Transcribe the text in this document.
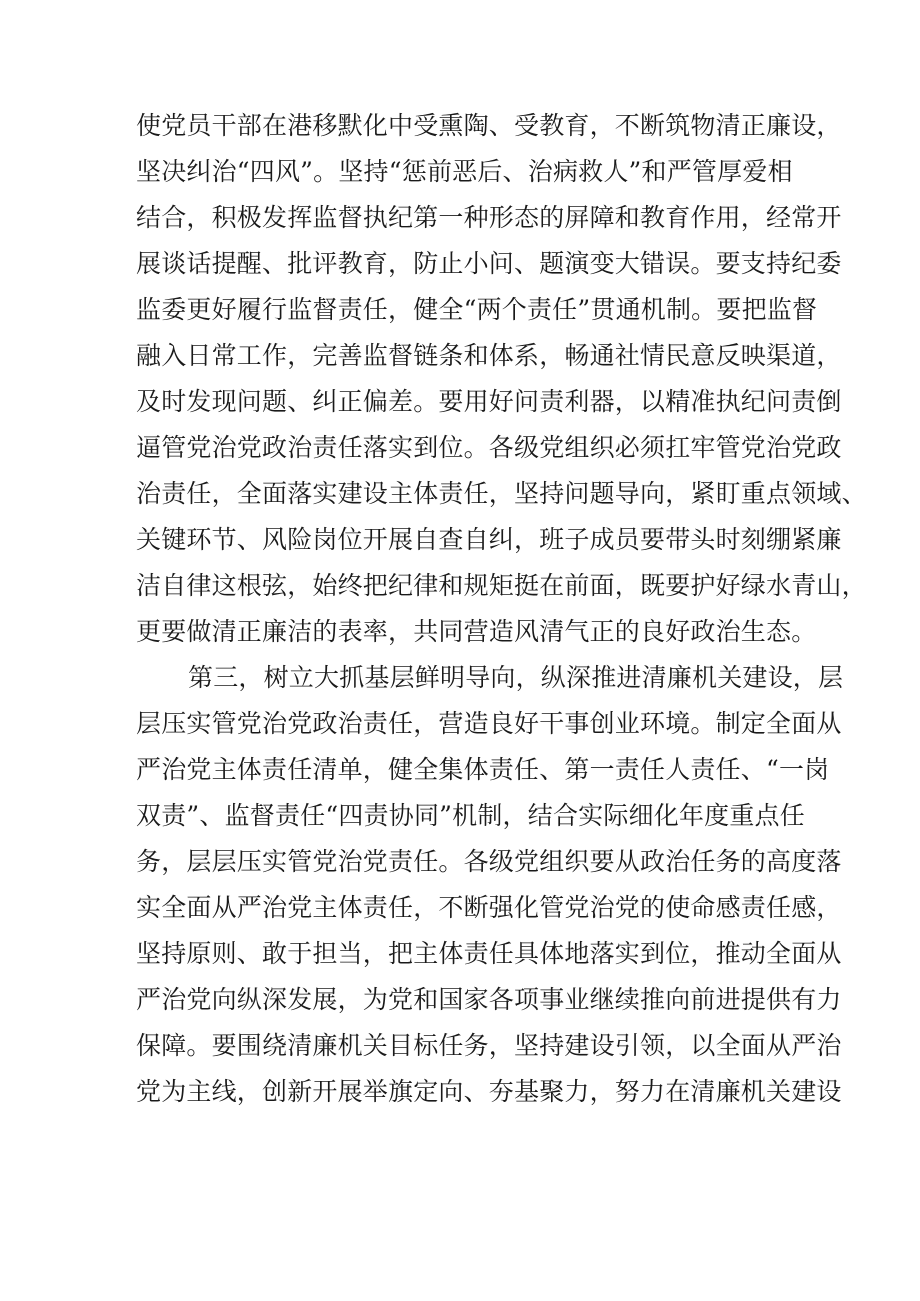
使党员干部在港移默化中受熏陶、受教育，不断筑物清正廉设，
坚决纠治“四风”。坚持“惩前恶后、治病救人”和严管厚爱相
结合，积极发挥监督执纪第一种形态的屏障和教育作用，经常开
展谈话提醒、批评教育，防止小问、题演变大错误。要支持纪委
监委更好履行监督责任，健全“两个责任”贯通机制。要把监督
融入日常工作，完善监督链条和体系，畅通社情民意反映渠道，
及时发现问题、纠正偏差。要用好问责利器，以精准执纪问责倒
逼管党治党政治责任落实到位。各级党组织必须扛牢管党治党政
治责任，全面落实建设主体责任，坚持问题导向，紧盯重点领域、
关键环节、风险岗位开展自查自纠，班子成员要带头时刻绷紧廉
洁自律这根弦，始终把纪律和规矩挺在前面，既要护好绿水青山，
更要做清正廉洁的表率，共同营造风清气正的良好政治生态。
第三，树立大抓基层鲜明导向，纵深推进清廉机关建设，层
层压实管党治党政治责任，营造良好干事创业环境。制定全面从
严治党主体责任清单，健全集体责任、第一责任人责任、“一岗
双责”、监督责任“四责协同”机制，结合实际细化年度重点任
务，层层压实管党治党责任。各级党组织要从政治任务的高度落
实全面从严治党主体责任，不断强化管党治党的使命感责任感，
坚持原则、敢于担当，把主体责任具体地落实到位，推动全面从
严治党向纵深发展，为党和国家各项事业继续推向前进提供有力
保障。要围绕清廉机关目标任务，坚持建设引领，以全面从严治
党为主线，创新开展举旗定向、夯基聚力，努力在清廉机关建设
